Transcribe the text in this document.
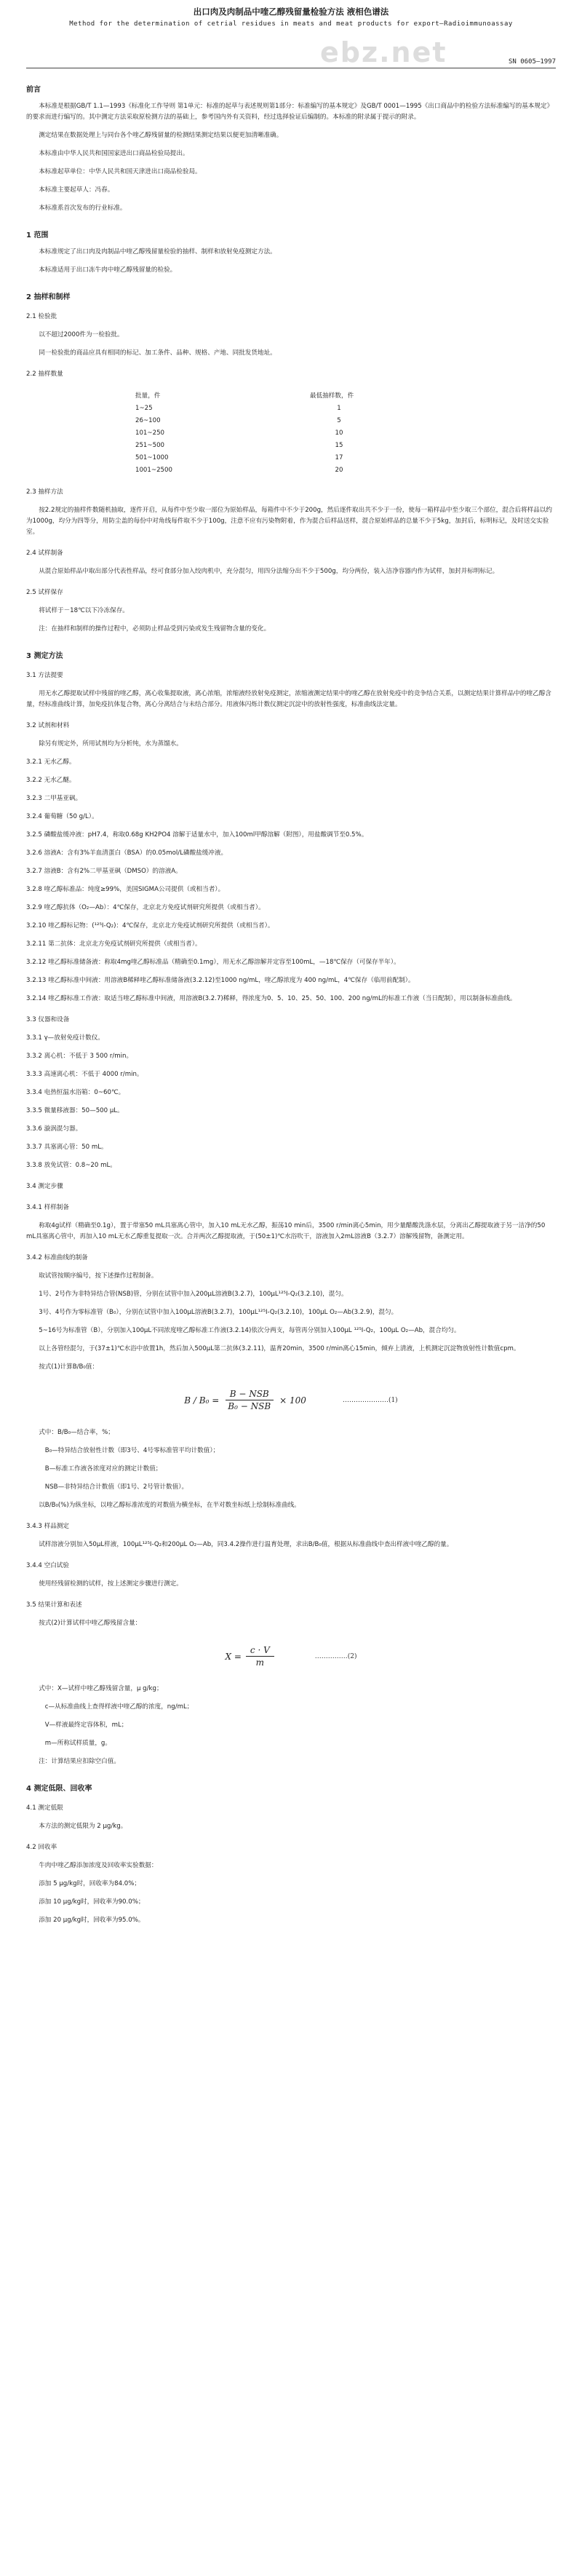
ebz.net
出口肉及肉制品中喹乙醇残留量检验方法 液相色谱法
Method for the determination of cetrial residues in meats and meat products for export—Radioimmunoassay
SN 0605—1997
前言

本标准是根据GB/T 1.1—1993《标准化工作导则 第1单元：标准的起草与表述规则第1部分：标准编写的基本规定》及GB/T 0001—1995《出口商品中的检验方法标准编写的基本规定》的要求而进行编写的。其中测定方法采取原检测方法的基础上，参考国内外有关资料，经过选择验证后编制的。本标准的附录属于提示的附录。

测定结果在数据处理上与同台各个喹乙醇残留量的检测结果测定结果以便更加清晰准确。

本标准由中华人民共和国国家进出口商品检验局提出。

本标准起草单位：中华人民共和国天津进出口商品检验局。

本标准主要起草人：冯春。

本标准系首次发布的行业标准。

1 范围

本标准规定了出口肉及肉制品中喹乙醇残留量检验的抽样、制样和放射免疫测定方法。

本标准适用于出口冻牛肉中喹乙醇残留量的检验。

2 抽样和制样
2.1 检验批

以不超过2000件为一检验批。

同一检验批的商品应具有相同的标记、加工条件、品种、规格、产地、同批发货地址。

2.2 抽样数量
批量，件	最低抽样数，件
1~25	1
26~100	5
101~250	10
251~500	15
501~1000	17
1001~2500	20
2.3 抽样方法

按2.2规定的抽样件数随机抽取，逐件开启，从每件中至少取一部位为原始样品，每箱件中不少于200g，然后逐件取出共不少于一份，使每一箱样品中至少取三个部位，混合后将样品以约为1000g，均分为四等分，用防尘盖的每份中对角线每件取不少于100g，注意不应有污染物附着，作为混合后样品送样，混合原始样品的总量不少于5kg，加封后，标明标记，及时送交实验室。

2.4 试样制备

从混合原始样品中取出部分代表性样品，经可食部分加入绞肉机中，充分混匀，用四分法缩分出不少于500g，均分两份，装入洁净容器内作为试样，加封并标明标记。

2.5 试样保存

将试样于－18℃以下冷冻保存。

注：在抽样和制样的操作过程中，必须防止样品受到污染或发生残留物含量的变化。

3 测定方法
3.1 方法提要

用无水乙醇提取试样中残留的喹乙醇，离心收集提取液，离心浓缩，浓缩液经放射免疫测定，浓缩液测定结果中的喹乙醇在放射免疫中的竞争结合关系，以测定结果计算样品中的喹乙醇含量，经标准曲线计算，加免疫抗体复合物，离心分离结合与未结合部分。用液体闪烁计数仪测定沉淀中的放射性强度，标准曲线法定量。

3.2 试剂和材料

除另有规定外，所用试剂均为分析纯，水为蒸馏水。

3.2.1 无水乙醇。

3.2.2 无水乙醚。

3.2.3 二甲基亚砜。

3.2.4 葡萄糖（50 g/L）。

3.2.5 磷酸盐缓冲液：pH7.4，称取0.68g KH2PO4 溶解于适量水中，加入100ml甲醇溶解（附图），用盐酸调节至0.5%。

3.2.6 溶液A：含有3%羊血清蛋白（BSA）的0.05mol/L磷酸盐缓冲液。

3.2.7 溶液B：含有2%二甲基亚砜（DMSO）的溶液A。

3.2.8 喹乙醇标准品：纯度≥99%，美国SIGMA公司提供（或相当者）。

3.2.9 喹乙醇抗体（O₂—Ab）：4℃保存，北京北方免疫试剂研究所提供（或相当者）。

3.2.10 喹乙醇标记物：(¹²⁵I-Q₂)：4℃保存，北京北方免疫试剂研究所提供（或相当者）。

3.2.11 第二抗体：北京北方免疫试剂研究所提供（或相当者）。

3.2.12 喹乙醇标准储备液：称取4mg喹乙醇标准品（精确至0.1mg），用无水乙醇溶解并定容至100mL，—18℃保存（可保存半年）。

3.2.13 喹乙醇标准中间液：用溶液B稀释喹乙醇标准储备液(3.2.12)至1000 ng/mL，喹乙醇浓度为 400 ng/mL，4℃保存（临用前配制）。

3.2.14 喹乙醇标准工作液：取适当喹乙醇标准中间液，用溶液B(3.2.7)稀释，得浓度为0、5、10、25、50、100、200 ng/mL的标准工作液（当日配制），用以制备标准曲线。

3.3 仪器和设备

3.3.1 γ—放射免疫计数仪。

3.3.2 离心机：不低于 3 500 r/min。

3.3.3 高速离心机：不低于 4000 r/min。

3.3.4 电热恒温水浴箱：0~60℃。

3.3.5 微量移液器：50—500 μL。

3.3.6 漩涡混匀器。

3.3.7 具塞离心管：50 mL。

3.3.8 放免试管：0.8~20 mL。

3.4 测定步骤
3.4.1 样样制备

称取4g试样（精确至0.1g），置于带塞50 mL具塞离心管中，加入10 mL无水乙醇，振荡10 min后，3500 r/min离心5min，用少量醋酸洗涤水层，分离出乙醇提取液于另一洁净的50 mL具塞离心管中，再加入10 mL无水乙醇重复提取一次。合并两次乙醇提取液，于(50±1)℃水浴吹干，溶液加入2mL溶液B（3.2.7）溶解残留物，备测定用。

3.4.2 标准曲线的制备

取试管按顺序编号，按下述操作过程制备。

1号、2号作为非特异结合管(NSB)管，分别在试管中加入200μL溶液B(3.2.7)，100μL¹²⁵I-Q₂(3.2.10)，混匀。

3号、4号作为零标准管（B₀），分别在试管中加入100μL溶液B(3.2.7)，100μL¹²⁵I-Q₂(3.2.10)，100μL O₂—Ab(3.2.9)，混匀。

5~16号为标准管（B），分别加入100μL不同浓度喹乙醇标准工作液(3.2.14)依次分两支，每管再分别加入100μL ¹²⁵I-Q₂，100μL O₂—Ab，混合均匀。

以上各管经混匀，于(37±1)℃水浴中放置1h，然后加入500μL第二抗体(3.2.11)，温育20min，3500 r/min离心15min，倾弃上清液，上机测定沉淀物放射性计数值cpm。

按式(1)计算B/B₀值：

$B / B_0 = \frac{\text{B − NSB}}{\text{B₀ − NSB}} \times 100$	…………………(1)

式中：B/B₀—结合率，%；

B₀—特异结合放射性计数（即3号、4号零标准管平均计数值）；

B—标准工作液各浓度对应的测定计数值；

NSB—非特异结合计数值（即1号、2号管计数值）。

以B/B₀(%)为纵坐标，以喹乙醇标准浓度的对数值为横坐标，在半对数坐标纸上绘制标准曲线。

3.4.3 样品测定

试样溶液分别加入50μL样液，100μL¹²⁵I-Q₂和200μL O₂—Ab，同3.4.2操作进行温育处理，求出B/B₀值，根据从标准曲线中查出样液中喹乙醇的量。

3.4.4 空白试验

使用经残留检测的试样，按上述测定步骤进行测定。

3.5 结果计算和表述

按式(2)计算试样中喹乙醇残留含量：

$X = \frac{c \cdot V}{m}$	……………(2)

式中：X—试样中喹乙醇残留含量，μ g/kg；

c—从标准曲线上查得样液中喹乙醇的浓度，ng/mL；

V—样液最终定容体积，mL；

m—所称试样质量，g。

注：计算结果应扣除空白值。

4 测定低限、回收率
4.1 测定低限

本方法的测定低限为 2 μg/kg。

4.2 回收率

牛肉中喹乙醇添加浓度及回收率实验数据：

添加 5 μg/kg时，回收率为84.0%；

添加 10 μg/kg时，回收率为90.0%；

添加 20 μg/kg时，回收率为95.0%。
